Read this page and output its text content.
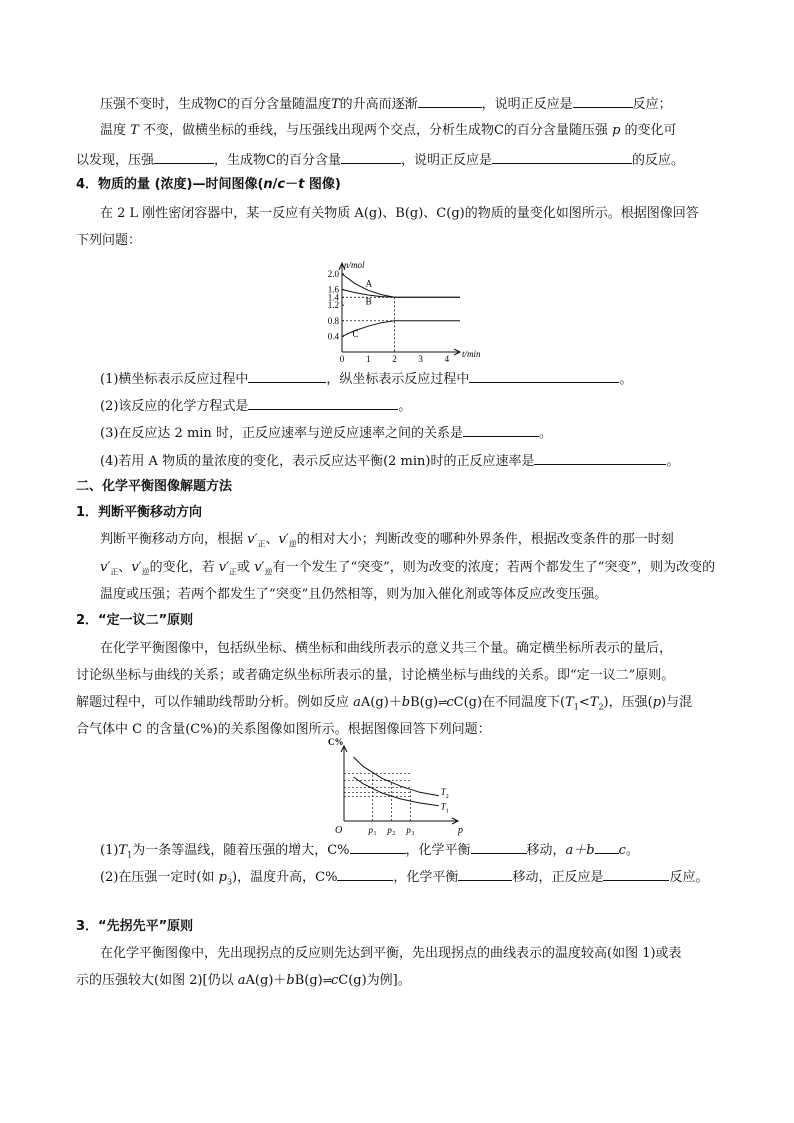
压强不变时，生成物C的百分含量随温度T的升高而逐渐	，说明正反应是	反应；
温度 T 不变，做横坐标的垂线，与压强线出现两个交点，分析生成物C的百分含量随压强 p 的变化可
以发现，压强	，生成物C的百分含量	，说明正反应是	的反应。
4．物质的量 (浓度)—时间图像(n/c－t 图像)
在 2 L 刚性密闭容器中，某一反应有关物质 A(g)、B(g)、C(g)的物质的量变化如图所示。根据图像回答
下列问题：
A
B
C
n/mol
t/min
2.0
1.6
1.4
1.2
0.8
0.4
0 1 2 3 4
(1)横坐标表示反应过程中	，纵坐标表示反应过程中	。
(2)该反应的化学方程式是	。
(3)在反应达 2 min 时，正反应速率与逆反应速率之间的关系是	。
(4)若用 A 物质的量浓度的变化，表示反应达平衡(2 min)时的正反应速率是	。
二、化学平衡图像解题方法
1．判断平衡移动方向
判断平衡移动方向，根据 $v'_正$、$v'_逆$的相对大小；判断改变的哪种外界条件，根据改变条件的那一时刻
$v'_正$、$v'_逆$的变化，若 $v'_正$或 $v'_逆$有一个发生了“突变”，则为改变的浓度；若两个都发生了“突变”，则为改变的
温度或压强；若两个都发生了“突变”且仍然相等，则为加入催化剂或等体反应改变压强。
2．“定一议二”原则
在化学平衡图像中，包括纵坐标、横坐标和曲线所表示的意义共三个量。确定横坐标所表示的量后，
讨论纵坐标与曲线的关系；或者确定纵坐标所表示的量，讨论横坐标与曲线的关系。即“定一议二”原则。
解题过程中，可以作辅助线帮助分析。例如反应 aA(g)＋bB(g)⇌cC(g)在不同温度下$(T_1<T_2)$，压强(p)与混
合气体中 C 的含量(C%)的关系图像如图所示。根据图像回答下列问题：
T 2
T 1
C%
p
O	p 1 p 2 p 3
$(1)T_1$为一条等温线，随着压强的增大，C%	，化学平衡	移动，a＋b c。
(2)在压强一定时(如 $p_3$)，温度升高，C%	，化学平衡	移动，正反应是	反应。
3．“先拐先平”原则
在化学平衡图像中，先出现拐点的反应则先达到平衡，先出现拐点的曲线表示的温度较高(如图 1)或表
示的压强较大(如图 2)[仍以 aA(g)＋bB(g)⇌cC(g)为例]。
